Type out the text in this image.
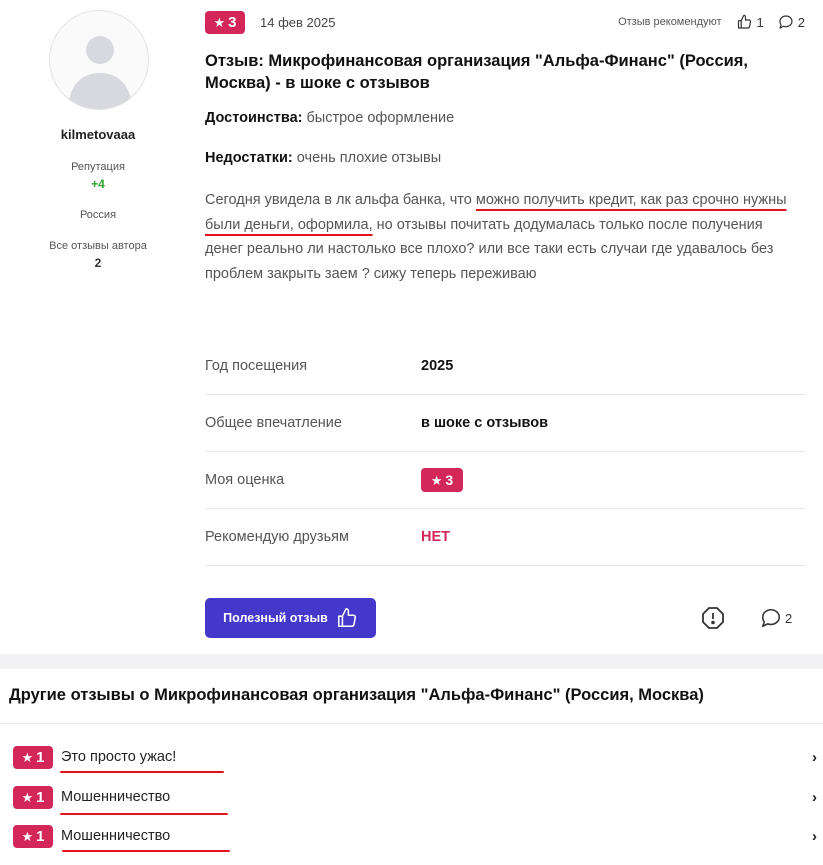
kilmetovaaa
Репутация
+4
Россия
Все отзывы автора
2
★ 3 14 фев 2025	Отзыв рекомендуют	1	2
Отзыв: Микрофинансовая организация "Альфа-Финанс" (Россия, Москва) - в шоке с отзывов
Достоинства: быстрое оформление
Недостатки: очень плохие отзывы
Сегодня увидела в лк альфа банка, что можно получить кредит, как раз срочно нужны были деньги, оформила, но отзывы почитать додумалась только после получения денег реально ли настолько все плохо? или все таки есть случаи где удавалось без проблем закрыть заем ? сижу теперь переживаю
Год посещения	2025
Общее впечатление	в шоке с отзывов
Моя оценка	★ 3
Рекомендую друзьям	НЕТ
Полезный отзыв	2
Другие отзывы о Микрофинансовая организация "Альфа-Финанс" (Россия, Москва)
★ 1 Это просто ужас!	›
★ 1 Мошенничество	›
★ 1 Мошенничество	›
